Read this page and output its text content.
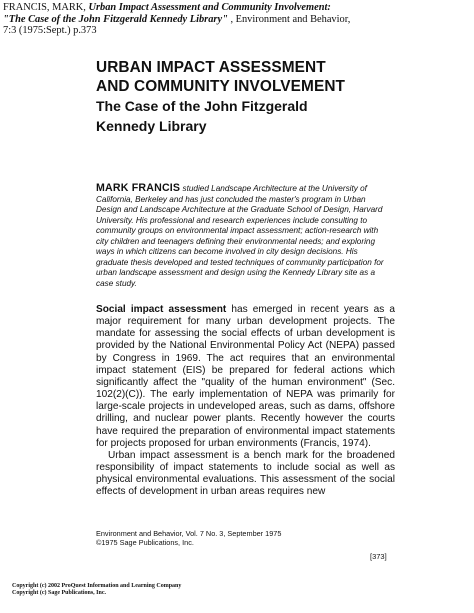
FRANCIS, MARK, Urban Impact Assessment and Community Involvement:
"The Case of the John Fitzgerald Kennedy Library" , Environment and Behavior,
7:3 (1975:Sept.) p.373
URBAN IMPACT ASSESSMENT
AND COMMUNITY INVOLVEMENT
The Case of the John Fitzgerald
Kennedy Library
MARK FRANCIS studied Landscape Architecture at the University of California, Berkeley and has just concluded the master's program in Urban Design and Landscape Architecture at the Graduate School of Design, Harvard University. His professional and research experiences include consulting to community groups on environmental impact assessment; action-research with city children and teenagers defining their environmental needs; and exploring ways in which citizens can become involved in city design decisions. His graduate thesis developed and tested techniques of community participation for urban landscape assessment and design using the Kennedy Library site as a case study.

Social impact assessment has emerged in recent years as a major requirement for many urban development projects. The mandate for assessing the social effects of urban development is provided by the National Environmental Policy Act (NEPA) passed by Congress in 1969. The act requires that an environmental impact statement (EIS) be prepared for federal actions which significantly affect the "quality of the human environment" (Sec. 102(2)(C)). The early implementation of NEPA was primarily for large-scale projects in undeveloped areas, such as dams, offshore drilling, and nuclear power plants. Recently however the courts have required the preparation of environmental impact statements for projects proposed for urban environments (Francis, 1974).

Urban impact assessment is a bench mark for the broadened responsibility of impact statements to include social as well as physical environmental evaluations. This assessment of the social effects of development in urban areas requires new

Environment and Behavior, Vol. 7 No. 3, September 1975
©1975 Sage Publications, Inc.
[373]
Copyright (c) 2002 ProQuest Information and Learning Company
Copyright (c) Sage Publications, Inc.
